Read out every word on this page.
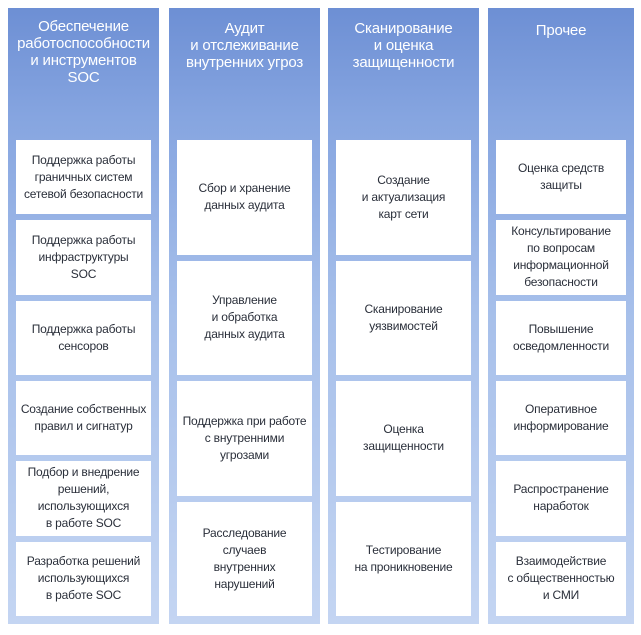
Обеспечение
работоспособности
и инструментов
SOC
Поддержка работы
граничных систем
сетевой безопасности
Поддержка работы
инфраструктуры
SOC
Поддержка работы
сенсоров
Создание собственных
правил и сигнатур
Подбор и внедрение
решений,
использующихся
в работе SOC
Разработка решений
использующихся
в работе SOC
Аудит
и отслеживание
внутренних угроз
Сбор и хранение
данных аудита
Управление
и обработка
данных аудита
Поддержка при работе
с внутренними
угрозами
Расследование
случаев
внутренних
нарушений
Сканирование
и оценка
защищенности
Создание
и актуализация
карт сети
Сканирование
уязвимостей
Оценка
защищенности
Тестирование
на проникновение
Прочее
Оценка средств
защиты
Консультирование
по вопросам
информационной
безопасности
Повышение
осведомленности
Оперативное
информирование
Распространение
наработок
Взаимодействие
с общественностью
и СМИ
